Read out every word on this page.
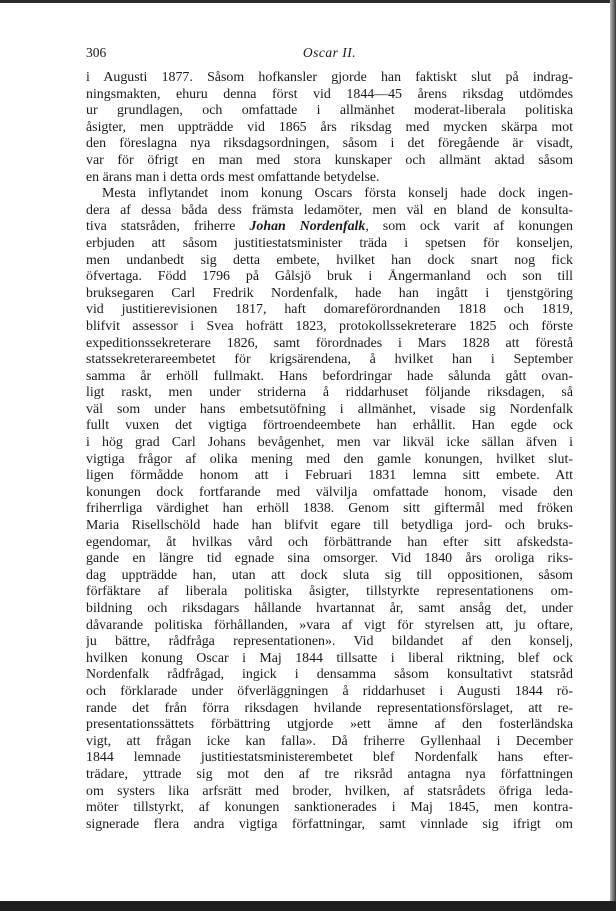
306	Oscar II.
i Augusti 1877. Såsom hofkansler gjorde han faktiskt slut på indrag-
ningsmakten, ehuru denna först vid 1844—45 årens riksdag utdömdes
ur grundlagen, och omfattade i allmänhet moderat-liberala politiska
åsigter, men uppträdde vid 1865 års riksdag med mycken skärpa mot
den föreslagna nya riksdagsordningen, såsom i det föregående är visadt,
var för öfrigt en man med stora kunskaper och allmänt aktad såsom
en ärans man i detta ords mest omfattande betydelse.
Mesta inflytandet inom konung Oscars första konselj hade dock ingen-
dera af dessa båda dess främsta ledamöter, men väl en bland de konsulta-
tiva statsråden, friherre Johan Nordenfalk, som ock varit af konungen
erbjuden att såsom justitiestatsminister träda i spetsen för konseljen,
men undanbedt sig detta embete, hvilket han dock snart nog fick
öfvertaga. Född 1796 på Gålsjö bruk i Ångermanland och son till
bruksegaren Carl Fredrik Nordenfalk, hade han ingått i tjenstgöring
vid justitierevisionen 1817, haft domareförordnanden 1818 och 1819,
blifvit assessor i Svea hofrätt 1823, protokollssekreterare 1825 och förste
expeditionssekreterare 1826, samt förordnades i Mars 1828 att förestå
statssekreterareembetet för krigsärendena, å hvilket han i September
samma år erhöll fullmakt. Hans befordringar hade sålunda gått ovan-
ligt raskt, men under striderna å riddarhuset följande riksdagen, så
väl som under hans embetsutöfning i allmänhet, visade sig Nordenfalk
fullt vuxen det vigtiga förtroendeembete han erhållit. Han egde ock
i hög grad Carl Johans bevågenhet, men var likväl icke sällan äfven i
vigtiga frågor af olika mening med den gamle konungen, hvilket slut-
ligen förmådde honom att i Februari 1831 lemna sitt embete. Att
konungen dock fortfarande med välvilja omfattade honom, visade den
friherrliga värdighet han erhöll 1838. Genom sitt giftermål med fröken
Maria Risellschöld hade han blifvit egare till betydliga jord- och bruks-
egendomar, åt hvilkas vård och förbättrande han efter sitt afskedsta-
gande en längre tid egnade sina omsorger. Vid 1840 års oroliga riks-
dag uppträdde han, utan att dock sluta sig till oppositionen, såsom
förfäktare af liberala politiska åsigter, tillstyrkte representationens om-
bildning och riksdagars hållande hvartannat år, samt ansåg det, under
dåvarande politiska förhållanden, »vara af vigt för styrelsen att, ju oftare,
ju bättre, rådfråga representationen». Vid bildandet af den konselj,
hvilken konung Oscar i Maj 1844 tillsatte i liberal riktning, blef ock
Nordenfalk rådfrågad, ingick i densamma såsom konsultativt statsråd
och förklarade under öfverläggningen å riddarhuset i Augusti 1844 rö-
rande det från förra riksdagen hvilande representationsförslaget, att re-
presentationssättets förbättring utgjorde »ett ämne af den fosterländska
vigt, att frågan icke kan falla». Då friherre Gyllenhaal i December
1844 lemnade justitiestatsministerembetet blef Nordenfalk hans efter-
trädare, yttrade sig mot den af tre riksråd antagna nya författningen
om systers lika arfsrätt med broder, hvilken, af statsrådets öfriga leda-
möter tillstyrkt, af konungen sanktionerades i Maj 1845, men kontra-
signerade flera andra vigtiga författningar, samt vinnlade sig ifrigt om
